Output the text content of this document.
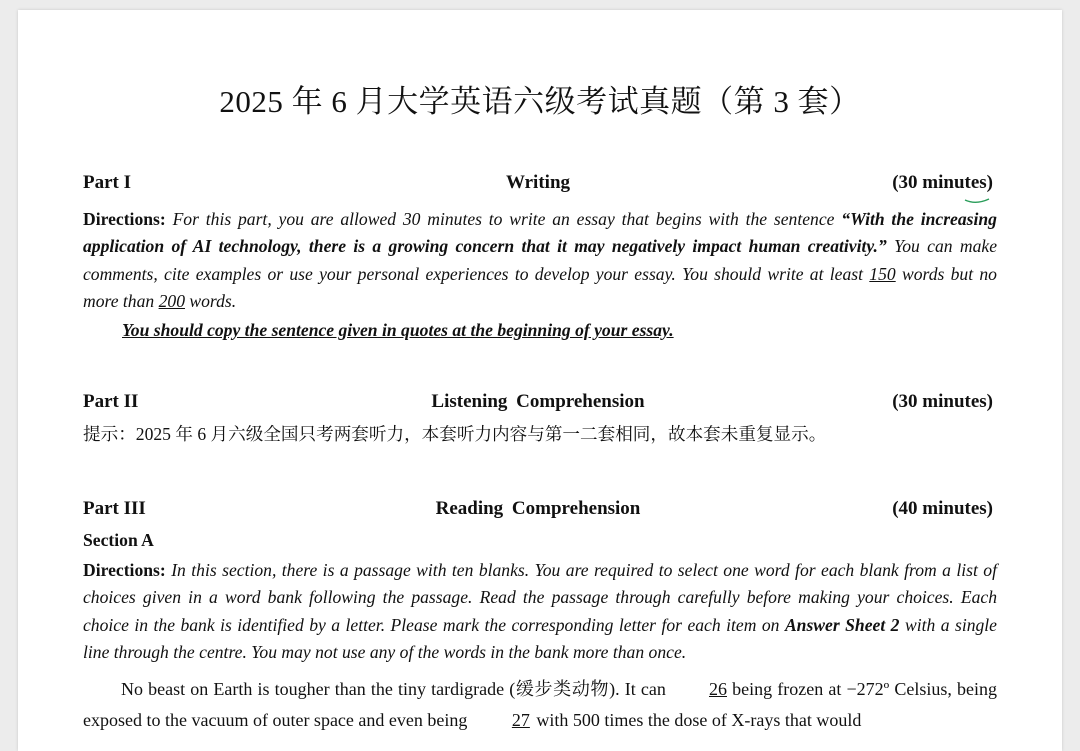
2025 年 6 月大学英语六级考试真题（第 3 套）
Part I	Writing	(30 minutes)
Directions: For this part, you are allowed 30 minutes to write an essay that begins with the sentence “With the increasing application of AI technology, there is a growing concern that it may negatively impact human creativity.” You can make comments, cite examples or use your personal experiences to develop your essay. You should write at least 150 words but no more than 200 words.
You should copy the sentence given in quotes at the beginning of your essay.
Part II	Listening Comprehension	(30 minutes)
提示：2025 年 6 月六级全国只考两套听力，本套听力内容与第一二套相同，故本套未重复显示。
Part III	Reading Comprehension	(40 minutes)
Section A
Directions: In this section, there is a passage with ten blanks. You are required to select one word for each blank from a list of choices given in a word bank following the passage. Read the passage through carefully before making your choices. Each choice in the bank is identified by a letter. Please mark the corresponding letter for each item on Answer Sheet 2 with a single line through the centre. You may not use any of the words in the bank more than once.
No beast on Earth is tougher than the tiny tardigrade (缓步类动物). It can 26 being frozen at −272º Celsius, being exposed to the vacuum of outer space and even being 27 with 500 times the dose of X-rays that would
